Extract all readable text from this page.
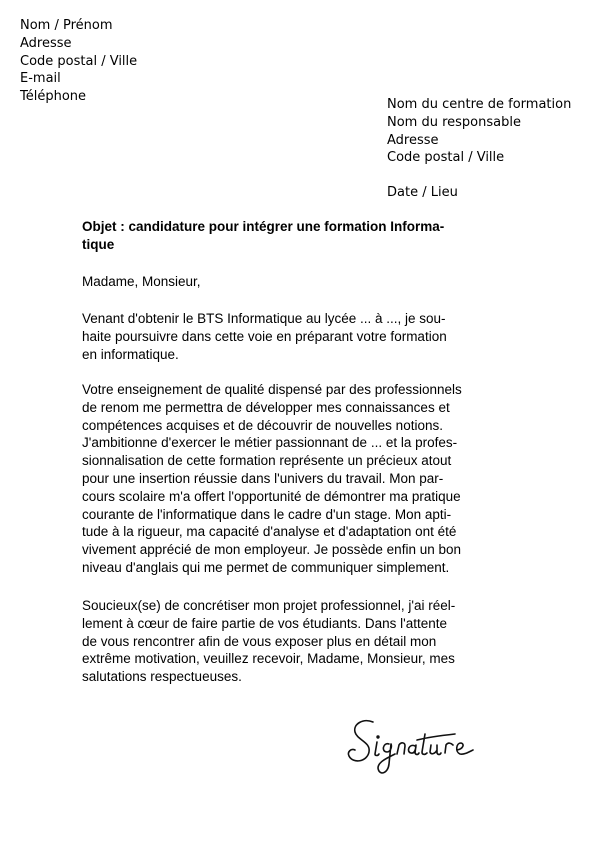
Nom / Prénom
Adresse
Code postal / Ville
E-mail
Téléphone
Nom du centre de formation
Nom du responsable
Adresse
Code postal / Ville
Date / Lieu
Objet : candidature pour intégrer une formation Informa-
tique
Madame, Monsieur,
Venant d'obtenir le BTS Informatique au lycée ... à ..., je sou-
haite poursuivre dans cette voie en préparant votre formation
en informatique.
Votre enseignement de qualité dispensé par des professionnels
de renom me permettra de développer mes connaissances et
compétences acquises et de découvrir de nouvelles notions.
J'ambitionne d'exercer le métier passionnant de ... et la profes-
sionnalisation de cette formation représente un précieux atout
pour une insertion réussie dans l'univers du travail. Mon par-
cours scolaire m'a offert l'opportunité de démontrer ma pratique
courante de l'informatique dans le cadre d'un stage. Mon apti-
tude à la rigueur, ma capacité d'analyse et d'adaptation ont été
vivement apprécié de mon employeur. Je possède enfin un bon
niveau d'anglais qui me permet de communiquer simplement.
Soucieux(se) de concrétiser mon projet professionnel, j'ai réel-
lement à cœur de faire partie de vos étudiants. Dans l'attente
de vous rencontrer afin de vous exposer plus en détail mon
extrême motivation, veuillez recevoir, Madame, Monsieur, mes
salutations respectueuses.
